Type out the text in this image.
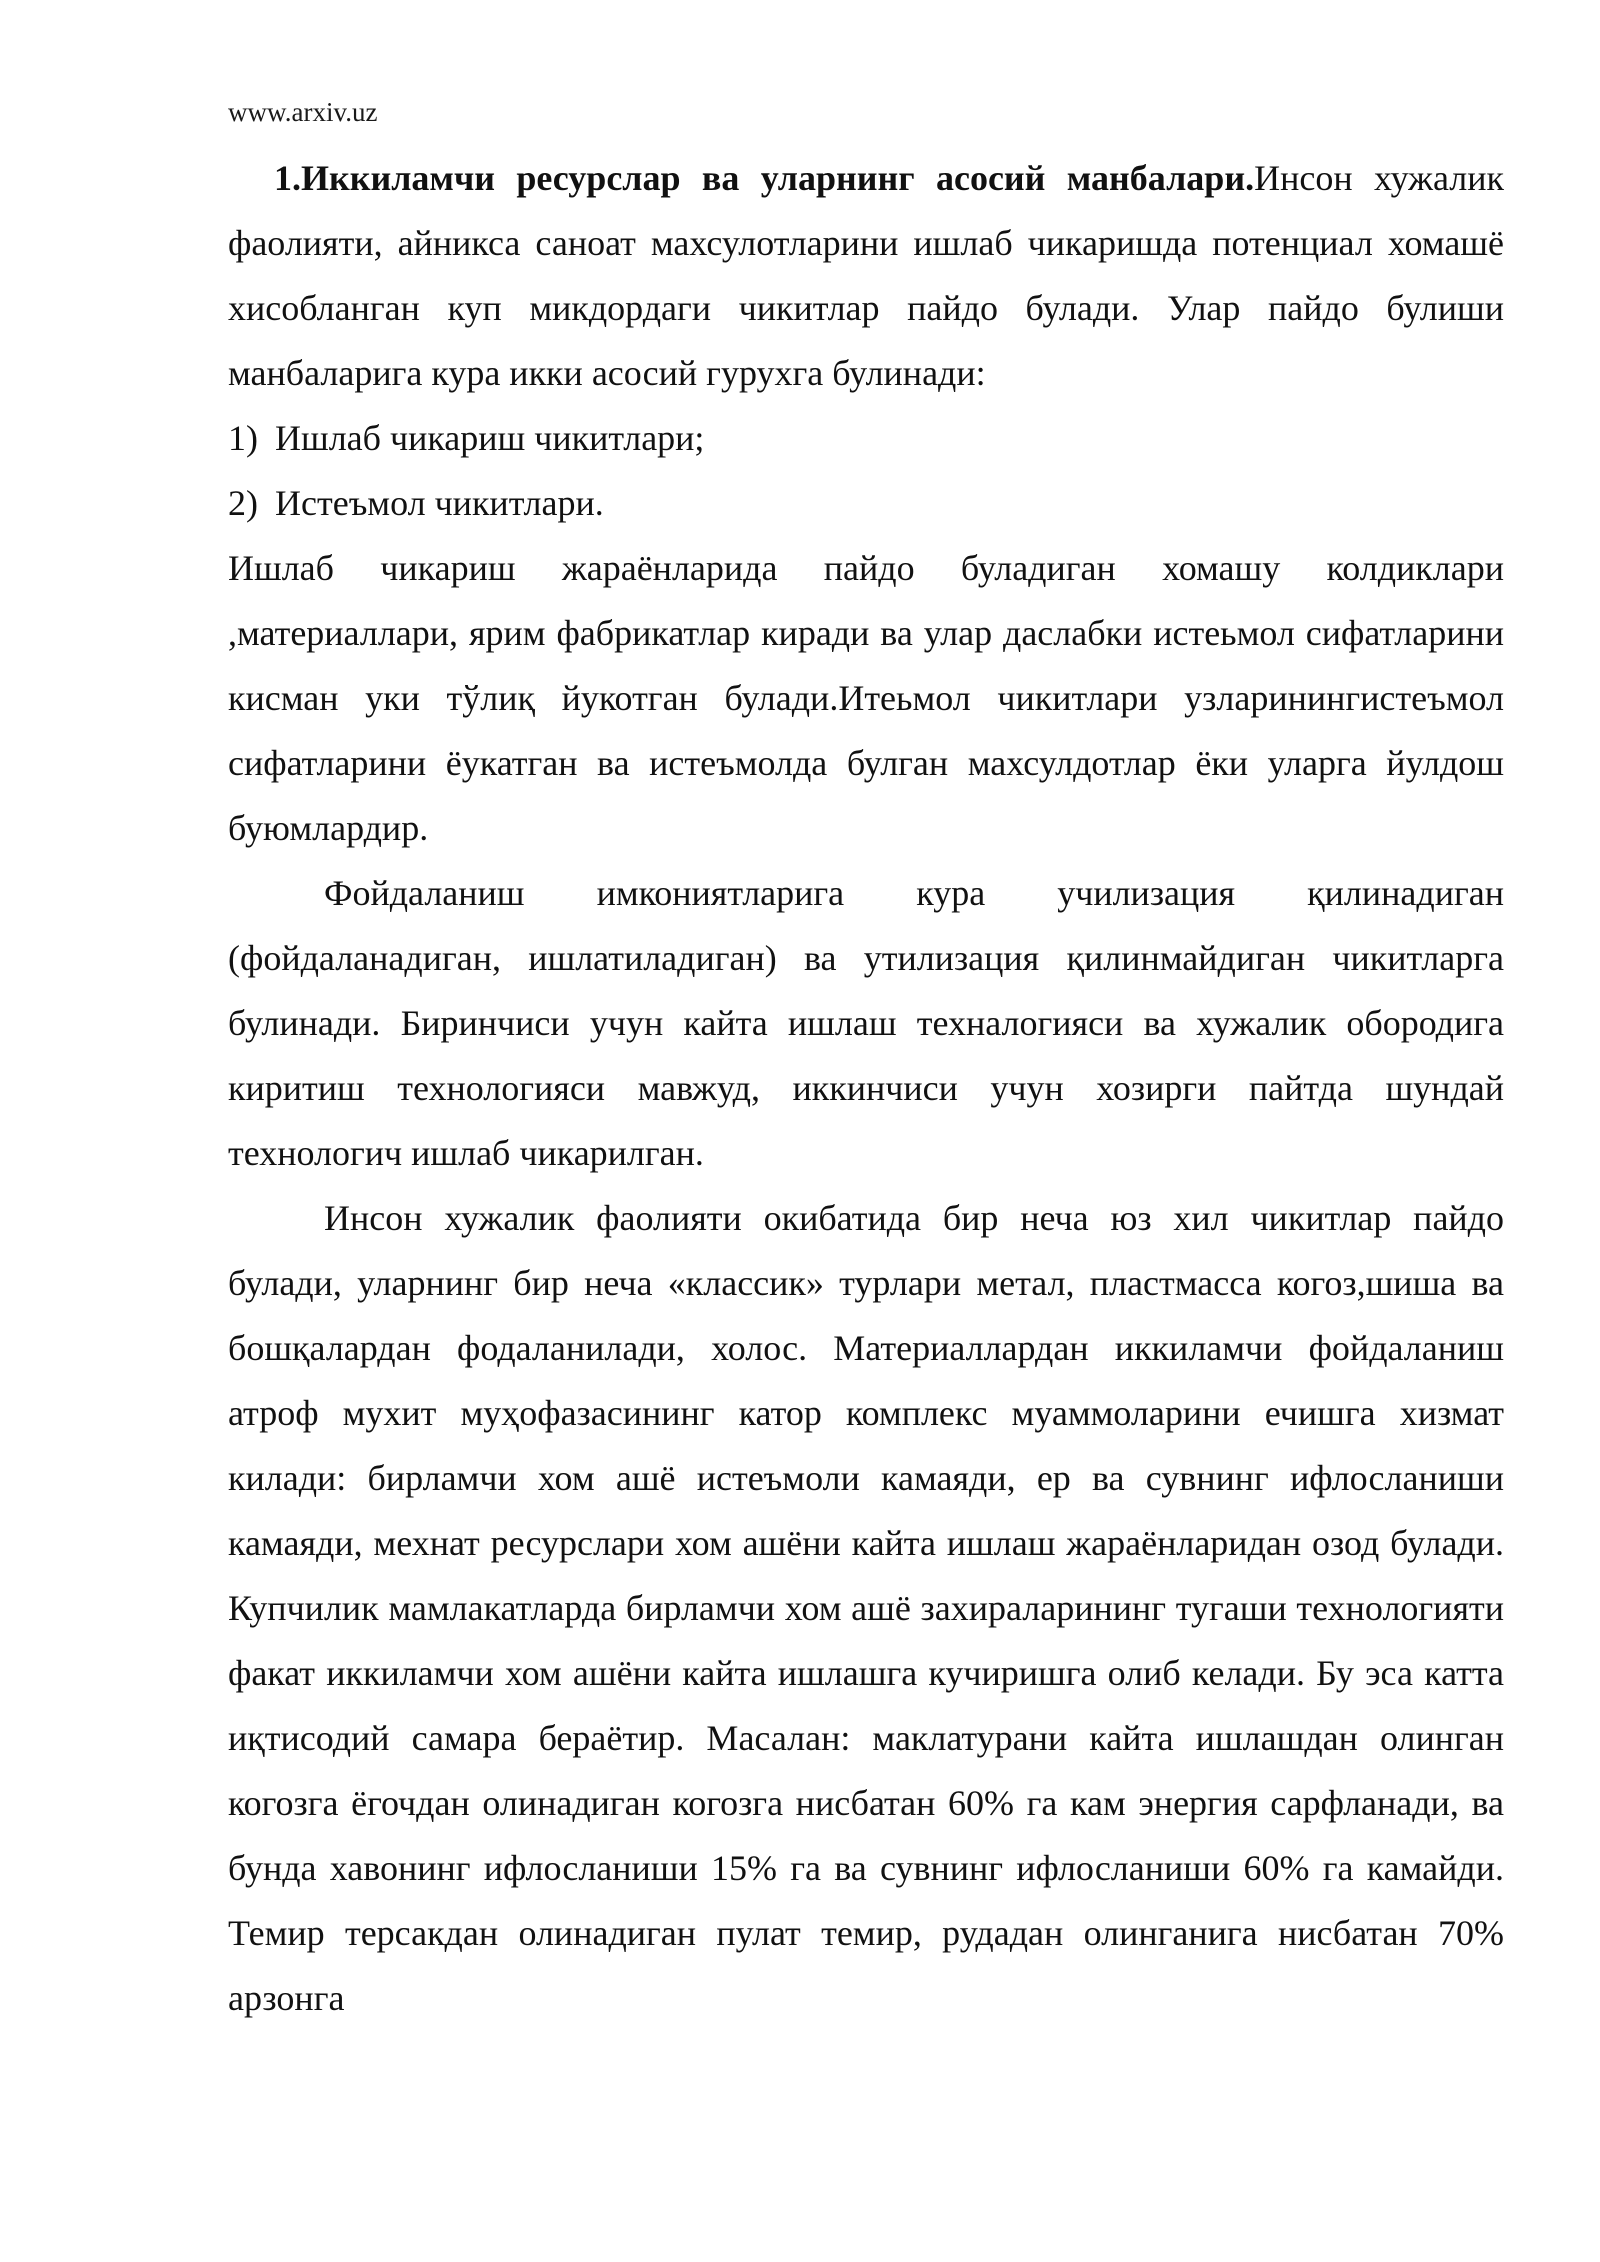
www.arxiv.uz

1.Иккиламчи ресурслар ва уларнинг асосий манбалари.Инсон хужалик фаолияти, айникса саноат махсулотларини ишлаб чикаришда потенциал хомашё хисобланган куп микдордаги чикитлар пайдо булади. Улар пайдо булиши манбаларига кура икки асосий гурухга булинади:

1) Ишлаб чикариш чикитлари;

2) Истеъмол чикитлари.

Ишлаб чикариш жараёнларида пайдо буладиган хомашу колдиклари ,материаллари, ярим фабрикатлар киради ва улар даслабки истеьмол сифатларини кисман уки тўлиқ йукотган булади.Итеьмол чикитлари узларинингистеъмол сифатларини ёукатган ва истеъмолда булган махсулдотлар ёки уларга йулдош буюмлардир.

Фойдаланиш имкониятларига кура училизация қилинадиган (фойдаланадиган, ишлатиладиган) ва утилизация қилинмайдиган чикитларга булинади. Биринчиси учун кайта ишлаш техналогияси ва хужалик обородига киритиш технологияси мавжуд, иккинчиси учун хозирги пайтда шундай технологич ишлаб чикарилган.

Инсон хужалик фаолияти окибатида бир неча юз хил чикитлар пайдо булади, уларнинг бир неча «классик» турлари метал, пластмасса когоз,шиша ва бошқалардан фодаланилади, холос. Материаллардан иккиламчи фойдаланиш атроф мухит муҳофазасининг катор комплекс муаммоларини ечишга хизмат килади: бирламчи хом ашё истеъмоли камаяди, ер ва сувнинг ифлосланиши камаяди, мехнат ресурслари хом ашёни кайта ишлаш жараёнларидан озод булади. Купчилик мамлакатларда бирламчи хом ашё захираларининг тугаши технологияти факат иккиламчи хом ашёни кайта ишлашга кучиришга олиб келади. Бу эса катта иқтисодий самара бераётир. Масалан: маклатурани кайта ишлашдан олинган когозга ёгочдан олинадиган когозга нисбатан 60% га кам энергия сарфланади, ва бунда хавонинг ифлосланиши 15% га ва сувнинг ифлосланиши 60% га камайди. Темир терсакдан олинадиган пулат темир, рудадан олинганига нисбатан 70% арзонга
